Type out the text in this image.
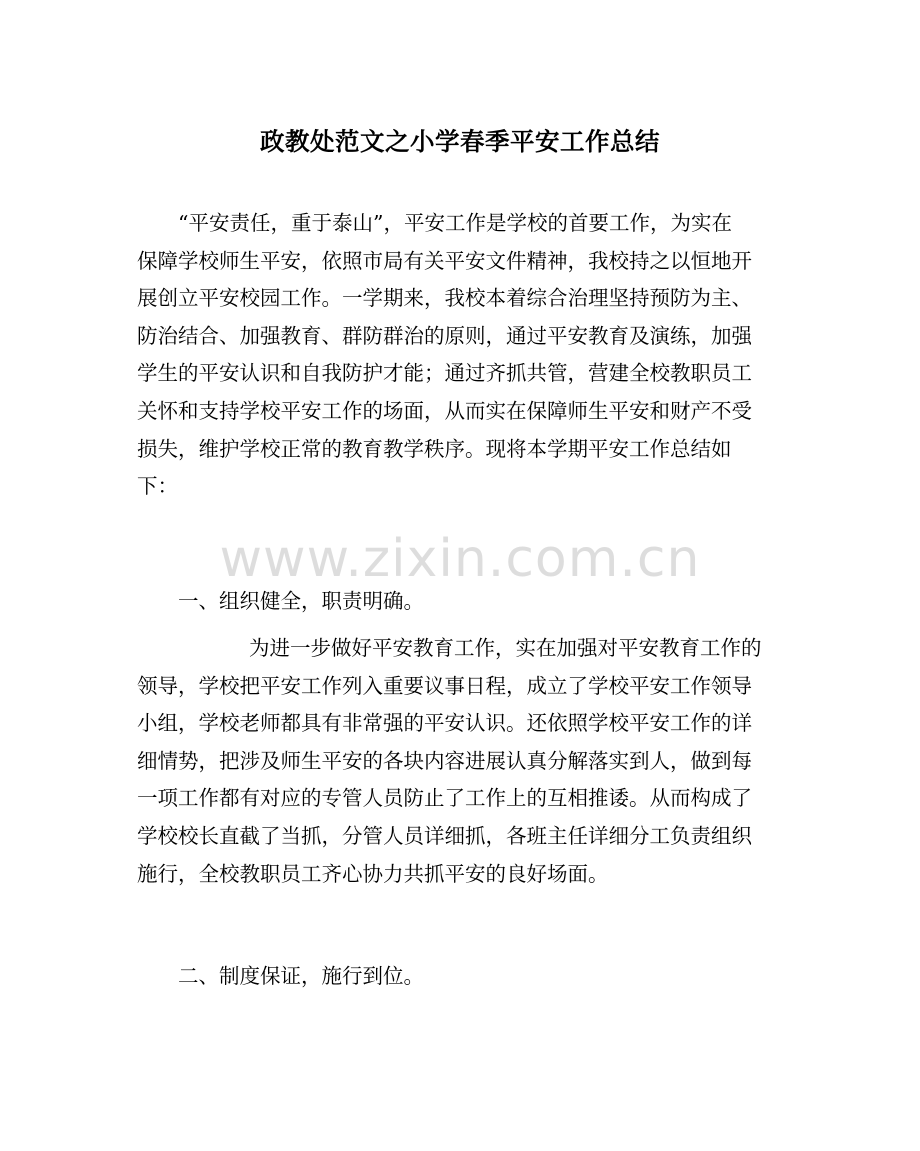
政教处范文之小学春季平安工作总结
“平安责任，重于泰山”，平安工作是学校的首要工作，为实在
保障学校师生平安，依照市局有关平安文件精神，我校持之以恒地开
展创立平安校园工作。一学期来，我校本着综合治理坚持预防为主、
防治结合、加强教育、群防群治的原则，通过平安教育及演练，加强
学生的平安认识和自我防护才能；通过齐抓共管，营建全校教职员工
关怀和支持学校平安工作的场面，从而实在保障师生平安和财产不受
损失，维护学校正常的教育教学秩序。现将本学期平安工作总结如
下：
www.zixin.com.cn
一、组织健全，职责明确。
为进一步做好平安教育工作，实在加强对平安教育工作的
领导，学校把平安工作列入重要议事日程，成立了学校平安工作领导
小组，学校老师都具有非常强的平安认识。还依照学校平安工作的详
细情势，把涉及师生平安的各块内容进展认真分解落实到人，做到每
一项工作都有对应的专管人员防止了工作上的互相推诿。从而构成了
学校校长直截了当抓，分管人员详细抓，各班主任详细分工负责组织
施行，全校教职员工齐心协力共抓平安的良好场面。
二、制度保证，施行到位。
